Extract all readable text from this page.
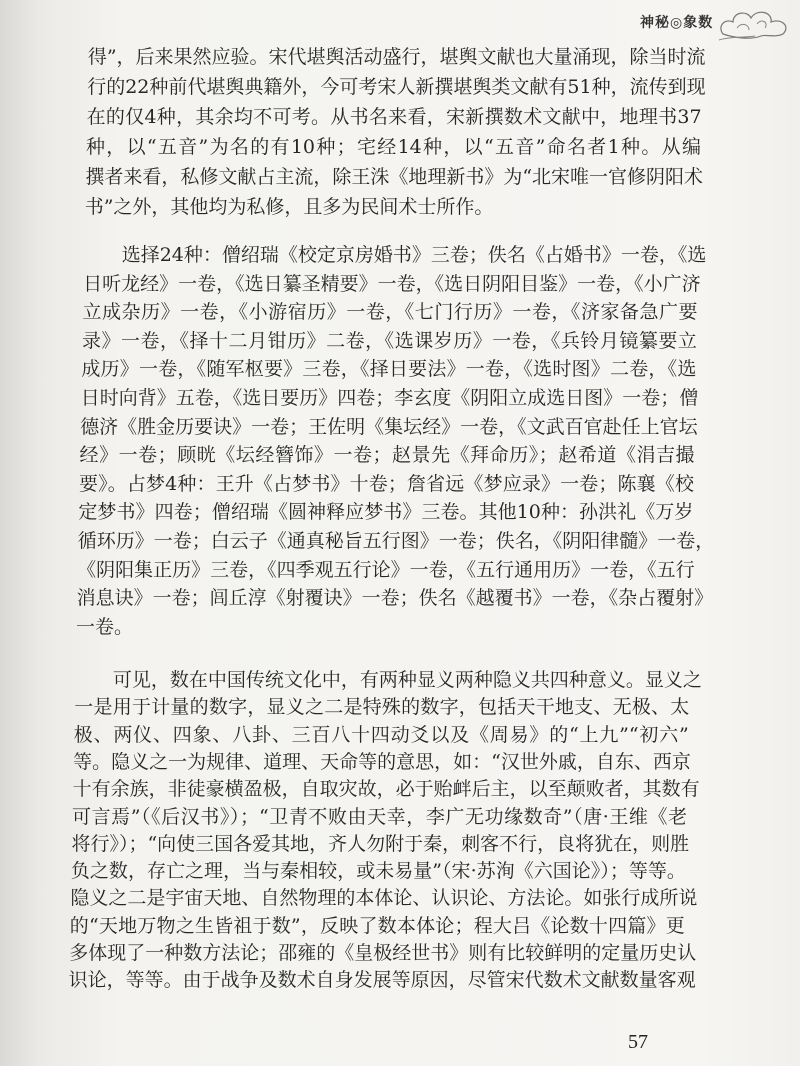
神秘◎象数
得”，后来果然应验。宋代堪舆活动盛行，堪舆文献也大量涌现，除当时流
行的22种前代堪舆典籍外，今可考宋人新撰堪舆类文献有51种，流传到现
在的仅4种，其余均不可考。从书名来看，宋新撰数术文献中，地理书37
种，以“五音”为名的有10种；宅经14种，以“五音”命名者1种。从编
撰者来看，私修文献占主流，除王洙《地理新书》为“北宋唯一官修阴阳术
书”之外，其他均为私修，且多为民间术士所作。
　　选择24种：僧绍瑞《校定京房婚书》三卷；佚名《占婚书》一卷，《选
日听龙经》一卷，《选日纂圣精要》一卷，《选日阴阳目鉴》一卷，《小广济
立成杂历》一卷，《小游宿历》一卷，《七门行历》一卷，《济家备急广要
录》一卷，《择十二月钳历》二卷，《选课岁历》一卷，《兵铃月镜纂要立
成历》一卷，《随军枢要》三卷，《择日要法》一卷，《选时图》二卷，《选
日时向背》五卷，《选日要历》四卷；李玄度《阴阳立成选日图》一卷；僧
德济《胜金历要诀》一卷；王佐明《集坛经》一卷，《文武百官赴任上官坛
经》一卷；顾晄《坛经簪饰》一卷；赵景先《拜命历》；赵希道《涓吉撮
要》。占梦4种：王升《占梦书》十卷；詹省远《梦应录》一卷；陈襄《校
定梦书》四卷；僧绍瑞《圆神释应梦书》三卷。其他10种：孙洪礼《万岁
循环历》一卷；白云子《通真秘旨五行图》一卷；佚名，《阴阳律髓》一卷，
《阴阳集正历》三卷，《四季观五行论》一卷，《五行通用历》一卷，《五行
消息诀》一卷；闾丘淳《射覆诀》一卷；佚名《越覆书》一卷，《杂占覆射》
一卷。
　　可见，数在中国传统文化中，有两种显义两种隐义共四种意义。显义之
一是用于计量的数字，显义之二是特殊的数字，包括天干地支、无极、太
极、两仪、四象、八卦、三百八十四动爻以及《周易》的“上九”“初六”
等。隐义之一为规律、道理、天命等的意思，如：“汉世外戚，自东、西京
十有余族，非徒豪横盈极，自取灾故，必于贻衅后主，以至颠败者，其数有
可言焉”（《后汉书》）；“卫青不败由天幸，李广无功缘数奇”（唐·王维《老
将行》）；“向使三国各爱其地，齐人勿附于秦，刺客不行，良将犹在，则胜
负之数，存亡之理，当与秦相较，或未易量”（宋·苏洵《六国论》）；等等。
隐义之二是宇宙天地、自然物理的本体论、认识论、方法论。如张行成所说
的“天地万物之生皆祖于数”，反映了数本体论；程大吕《论数十四篇》更
多体现了一种数方法论；邵雍的《皇极经世书》则有比较鲜明的定量历史认
识论，等等。由于战争及数术自身发展等原因，尽管宋代数术文献数量客观
57
